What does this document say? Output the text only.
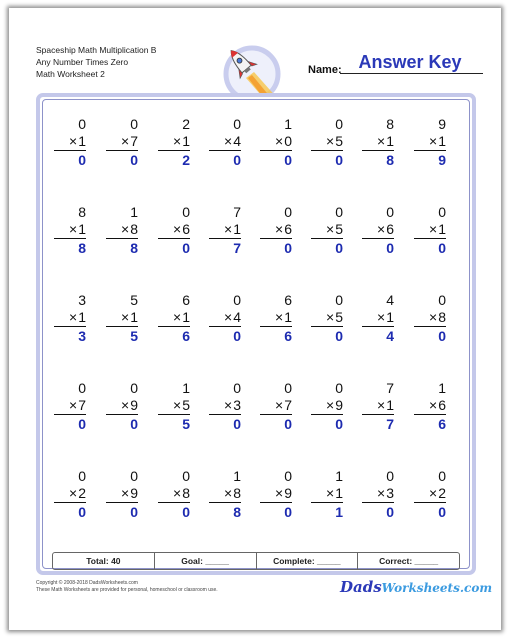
Spaceship Math Multiplication B
Any Number Times Zero
Math Worksheet 2	Name: Answer Key
0
×1
0
0
×7
0
2
×1
2
0
×4
0
1
×0
0
0
×5
0
8
×1
8
9
×1
9
8
×1
8
1
×8
8
0
×6
0
7
×1
7
0
×6
0
0
×5
0
0
×6
0
0
×1
0
3
×1
3
5
×1
5
6
×1
6
0
×4
0
6
×1
6
0
×5
0
4
×1
4
0
×8
0
0
×7
0
0
×9
0
1
×5
5
0
×3
0
0
×7
0
0
×9
0
7
×1
7
1
×6
6
0
×2
0
0
×9
0
0
×8
0
1
×8
8
0
×9
0
1
×1
1
0
×3
0
0
×2
0
Total: 40	Goal: _____	Complete: _____	Correct: _____
Copyright © 2008-2018 DadsWorksheets.com
These Math Worksheets are provided for personal, homeschool or classroom use.	DadsWorksheets.com
